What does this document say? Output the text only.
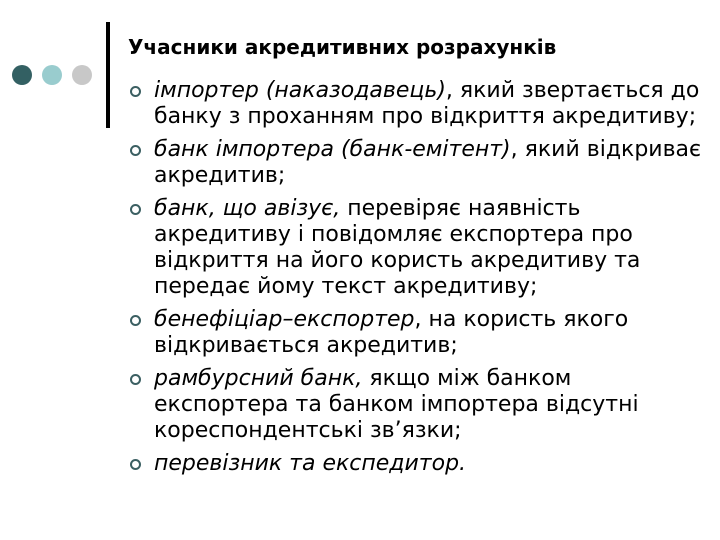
Учасники акредитивних розрахунків
імпортер (наказодавець), який звертається до банку з проханням про відкриття акредитиву;
банк імпортера (банк-емітент), який відкриває акредитив;
банк, що авізує, перевіряє наявність акредитиву і повідомляє експортера про відкриття на його користь акредитиву та передає йому текст акредитиву;
бенефіціар–експортер, на користь якого відкривається акредитив;
рамбурсний банк, якщо між банком експортера та банком імпортера відсутні кореспондентські зв’язки;
перевізник та експедитор.
